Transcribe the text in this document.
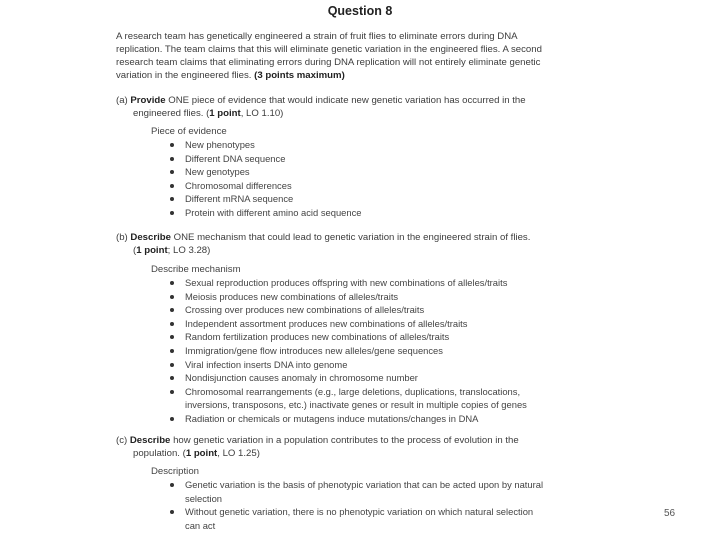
Question 8
A research team has genetically engineered a strain of fruit flies to eliminate errors during DNA
replication. The team claims that this will eliminate genetic variation in the engineered flies. A second
research team claims that eliminating errors during DNA replication will not entirely eliminate genetic
variation in the engineered flies. (3 points maximum)
(a) Provide ONE piece of evidence that would indicate new genetic variation has occurred in the
engineered flies. (1 point, LO 1.10)
Piece of evidence
New phenotypes
Different DNA sequence
New genotypes
Chromosomal differences
Different mRNA sequence
Protein with different amino acid sequence
(b) Describe ONE mechanism that could lead to genetic variation in the engineered strain of flies.
(1 point; LO 3.28)
Describe mechanism
Sexual reproduction produces offspring with new combinations of alleles/traits
Meiosis produces new combinations of alleles/traits
Crossing over produces new combinations of alleles/traits
Independent assortment produces new combinations of alleles/traits
Random fertilization produces new combinations of alleles/traits
Immigration/gene flow introduces new alleles/gene sequences
Viral infection inserts DNA into genome
Nondisjunction causes anomaly in chromosome number
Chromosomal rearrangements (e.g., large deletions, duplications, translocations,
inversions, transposons, etc.) inactivate genes or result in multiple copies of genes
Radiation or chemicals or mutagens induce mutations/changes in DNA
(c) Describe how genetic variation in a population contributes to the process of evolution in the
population. (1 point, LO 1.25)
Description
Genetic variation is the basis of phenotypic variation that can be acted upon by natural
selection
Without genetic variation, there is no phenotypic variation on which natural selection
can act
56
